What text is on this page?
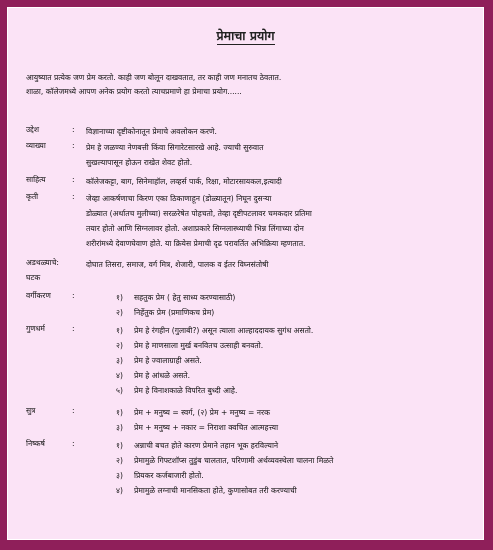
प्रेमाचा प्रयोग
आयुष्यात प्रत्येक जण प्रेम करतो. काही जण बोलून दाखवतात, तर काही जण मनातच ठेवतात.
शाळा, कॉलेजमध्ये आपण अनेक प्रयोग करतो त्याचप्रमाणे हा प्रेमाचा प्रयोग......
उद्देश	:	विज्ञानाच्या दृष्टीकोनातून प्रेमाचे अवलोकन करणे.
व्याख्या	:	प्रेम हे जळण्या नेणबत्ती किंवा सिगारेटसारखे आहे. ज्याची सुरुवात
सुखल्यापासून होऊन राखेत शेवट होतो.
साहित्य	:	कॉलेजकट्टा, बाग, सिनेमाहॉल, लव्हर्स पार्क, रिक्षा, मोटारसायकल,इत्यादी
कृती	:	जेव्हा आकर्षणाचा किरण एका ठिकाणाहून (डोळ्यातून) निघून दुसऱ्या
डोळ्यात (अर्थातच मुलीच्या) सरळरेषेत पोहचतो, तेव्हा दृष्टीपटलावर चमकदार प्रतिमा
तयार होतो आणि सिग्नलावर होतो. अशाप्रकारे सिग्नलास्थ्याची भिन्न लिंगाच्या दोन
शरीरांमध्ये देवाणघेवाण होते. या क्रियेस प्रेमाची दृढ परावर्तित अभिक्रिया म्हणतात.
अडथळ्याचे:	दोघात तिसरा, समाज, वर्ग मित्र, शेजारी, पालक व ईतर विघ्नसंतोषी
घटक
वर्गीकरण	:	१) सहतुक प्रेम ( हेतु साध्य करण्यासाठी)
२) निर्हेतुक प्रेम (प्रमाणिकच प्रेम)
गुणधर्म	:	१) प्रेम हे रंगहीन (गुलाबी?) असून त्याला आल्हाददायक सुगंध असतो.
२) प्रेम हे माणसाला मुर्ख बनवितच उत्साही बनवतो.
३) प्रेम हे ज्वालाग्राही असते.
४) प्रेम हे आंधळे असते.
५) प्रेम हे विनाशकाळे विपरित बुध्दी आहे.
सुत्र	:	१) प्रेम + मनुष्य = स्वर्ग, (२) प्रेम + मनुष्य = नरक
३) प्रेम + मनुष्य + नकार = निराशा क्वचित आत्महत्त्या
निष्कर्ष	:	१) अन्नाची बचत होते कारण प्रेमाने तहान भूक हरविल्याने
२) प्रेमामुळे गिफ्टशॉप्स तुडुंब चालतात, परिणामी अर्थव्यवस्थेला चालना मिळते
३) प्रियकर कर्जबाजारी होतो.
४) प्रेमामुळे लग्नाची मानसिकता होते, कुणासोबत तरी करण्याची
